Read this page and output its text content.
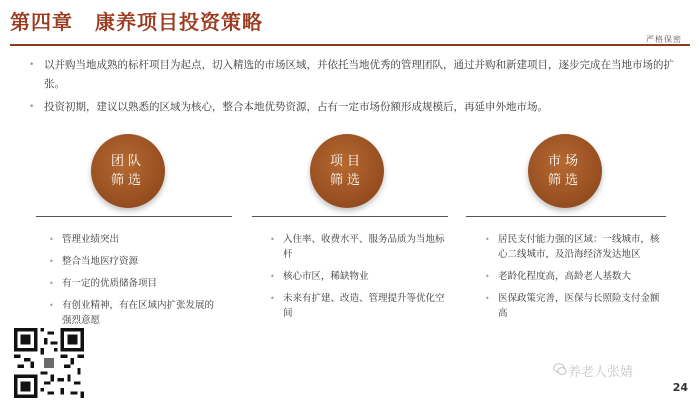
第四章 康养项目投资策略
严格保密
• 以并购当地成熟的标杆项目为起点，切入精选的市场区域，并依托当地优秀的管理团队，通过并购和新建项目，逐步完成在当地市场的扩张。
• 投资初期，建议以熟悉的区域为核心，整合本地优势资源，占有一定市场份额形成规模后，再延申外地市场。
团队
筛选
项目
筛选
市场
筛选
• 管理业绩突出
• 整合当地医疗资源
• 有一定的优质储备项目
• 有创业精神，有在区域内扩张发展的强烈意愿
• 入住率、收费水平、服务品质为当地标杆
• 核心市区，稀缺物业
• 未来有扩建、改造、管理提升等优化空间
• 居民支付能力强的区域：一线城市，核心二线城市，及沿海经济发达地区
• 老龄化程度高，高龄老人基数大
• 医保政策完善，医保与长照险支付金额高
养老人张婧
24
